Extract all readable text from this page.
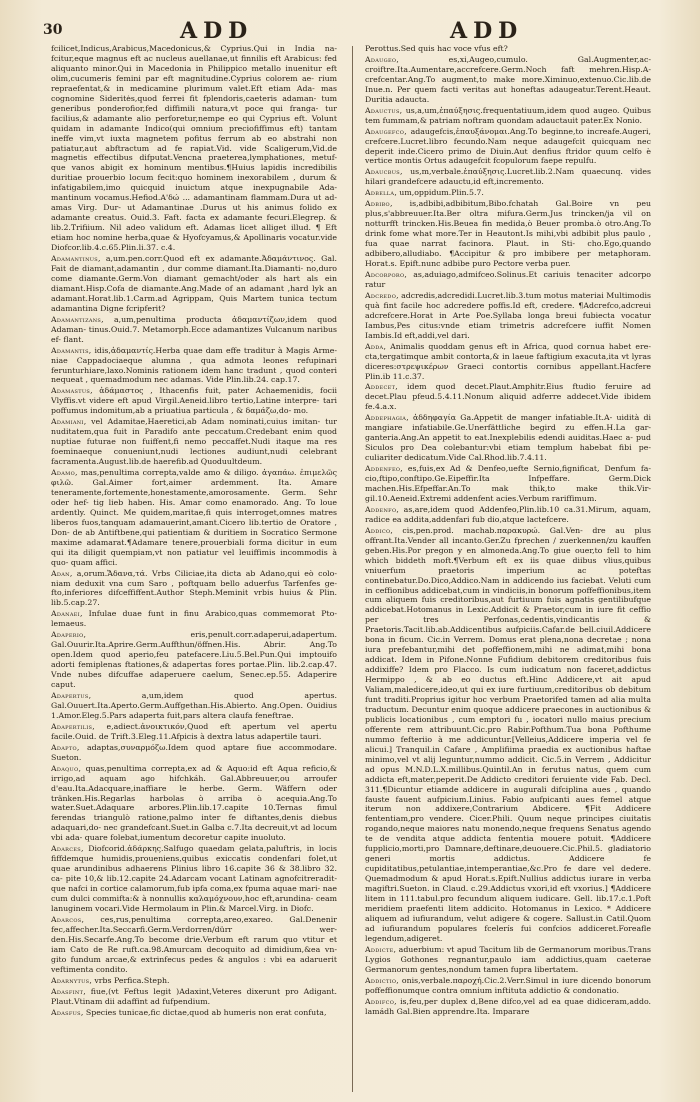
30	ADD	ADD
fcilicet,Indicus,Arabicus,Macedonicus,& Cyprius.Qui in India na- fcitur,eque magnus eft ac nucleus auellanae,ut finnilis eft Arabicus: fed aliquanto minor.Qui in Macedonia in Philippico metallo inuenitur eft olim,cucumeris femini par eft magnitudine.Cyprius colorem ae- rium repraefentat,& in medicamine plurimum valet.Eft etiam Ada- mas cognomine Sideritės,quod ferrei fit fplendoris,caeteris adaman- tum generibus ponderofior,fed diffimili natura,vt poce qui franga- tur facilius,& adamante alio perforetur,nempe eo qui Cyprius eft. Volunt quidam in adamante Indico(qui omnium preciofiffimus eft) tantam ineffe vim,vt iuxta magnetem pofitus ferrum ab eo abstrahi non patiatur,aut abftractum ad fe rapiat.Vid. vide Scaligerum,Vid.de magnetis effectibus difputat.Vencna praeterea,lymphationes, metuf- que vanos abigit ex hominum mentibus.¶Huius lapidis incredibilis duritiae prouerbio locum fecit:quo hominem inexorabilem , durum & infatigabilem,imo quicquid inuictum atque inexpugnabile Ada- mantinum vocamus.Hefiod.A'δώ ... adamantinam flammam.Dura ut ad- amas Virg. Dur- ut Adamantinae .Durus ut his animus folido ex adamante creatus. Ouid.3. Faft. facta ex adamante fecuri.Elegrep. & lib.2.Trifiium. Nil adeo validum eft. Adamas licet alliget illud. ¶ Eft etiam hoc nomine herba,quae & Hyofcyamus,& Apollinaris vocatur.vide Diofcor.lib.4.c.65.Plin.li.37. c.4.
Adamantinus, a,um.pen.corr.Quod eft ex adamante.Ἀδαμάντινος. Gal. Fait de diamant,adamantin , dur comme diamant.Ita.Diamanti- no,duro come diamante.Germ.Von diamant gemacht/oder als hart als ein diamant.Hisp.Cofa de diamante.Ang.Made of an adamant ,hard lyk an adamant.Horat.lib.1.Carm.ad Agrippam, Quis Martem tunica tectum adamantina Digne fcripferit?
Adamantizans, a,um,penultima producta ἀδαμαντίζων,idem quod Adaman- tinus.Ouid.7. Metamorph.Ecce adamantizes Vulcanum naribus ef- flant.
Adamantis, idis,ἀδαμαντίς.Herba quae dam effe traditur à Magis Arme- niae Cappadociaeque alumna , qua admota leones refupinari ferunturhiare,laxo.Nominis rationem idem hanc tradunt , quod conteri nequeat , quemadmodum nec adamas. Vide Plin.lib.24. cap.17.
Adamastus, ἀδάμαστος , Ithacenfis fuit, pater Achaemenidis, focii Vlyffis.vt videre eft apud Virgil.Aeneid.libro tertio,Latine interpre- tari poffumus indomitum,ab a priuatiua particula , & δαμάζω,do- mo.
Adamiani, vel Adamitae,Haeretici,ab Adam nominati,cuius imitan- tur nuditatem,qua fuit in Paradifo ante peccatum.Credebant enim quod nuptiae futurae non fuiffent,fi nemo peccaffet.Nudi itaque ma res foeminaeque conueniunt,nudi lectiones audiunt,nudi celebrant facramenta.August.lib.de haerefib.ad Quoduultdeum.
Adamo, mas,penultima correpta,valde amo & diligo. ἀγαπάω. ἐπιμελῶς φιλῶ. Gal.Aimer fort,aimer ardemment. Ita. Amare teneramente,fortemente,honestamente,amorosamente. Germ. Sehr oder hef- tig lieb haben. His. Amar como enamorado. Ang. To loue ardently. Quinct. Me quidem,maritae,fi quis interroget,omnes matres liberos fuos,tanquam adamauerint,amant.Cicero lib.tertio de Oratore , Don- de ab Antiftbene,qui patientiam & duritiem in Socratico Sermone maxime adamarat.¶Adamare tenere,prouerbiali forma dicitur in eum qui ita diligit quempiam,vt non patiatur vel leuiffimis incommodis à quo- quam affici.
Adan, a,orum.Ἄδανα,τά. Vrbs Ciliciae,ita dicta ab Adano,qui eò colo- niam deduxit vna cum Saro , poftquam bello aduerfus Tarfenfes ge- fto,inferiores difceffiffent.Author Steph.Meminit vrbis huius & Plin. lib.5.cap.27.
Adanaei, Infulae duae funt in finu Arabico,quas commemorat Pto- lemaeus.
Adaperio, eris,penult.corr.adaperui,adapertum. Gal.Ouurir.Ita.Aprire.Germ.Auffthun/öffnen.His. Abrir. Ang.To open.Idem quod aperio,feu patefacere.Liu.5.Bel.Pun.Qui imptouifo adorti femiplenas ftationes,& adapertas fores portae.Plin. lib.2.cap.47. Vnde nubes difcuffae adaperuere caelum, Senec.ep.55. Adaperire caput.
Adapertus, a,um,idem quod apertus. Gal.Ouuert.Ita.Aperto.Germ.Auffgethan.His.Abierto. Ang.Open. Ouidius 1.Amor.Eleg.5.Pars adaperta fuit,pars altera claufa feneftrae.
Adapertilis, e,adiect.ἀνοικτικόν,Quod eft apertum vel apertu facile.Ouid. de Trift.3.Eleg.11.Afpicis à dextra latus adapertile tauri.
Adapto, adaptas,συναρμόζω.Idem quod aptare fiue accommodare. Sueton.
Adaquo, quas,penultima correpta,ex ad & Aquo:id eft Aqua reficio,& irrigo,ad aquam ago hifchkáh. Gal.Abbreuuer,ou arroufer d'eau.Ita.Adacquare,inaffiare le herbe. Germ. Wäffern oder tränken.His.Regarlas harbolas ò arriba ò acequia.Ang.To water.Suet.Adaquare arbores.Plin.lib.17.capite 10.Ternas fimul ferendas triangulò ratione,palmo inter fe diftantes,denis diebus adaquari,do- nec grandefcant.Suet.in Galba c.7.Ita decreuit,vt ad locum vbi ada- quare folebat,iumentum decoretur capite inuoluto.
Adarces, Diofcorid.ἀδάρκης.Salfugo quaedam gelata,paluftris, in locis fiffdemque humidis,proueniens,quibus exiccatis condenfari folet,ut quae arundinibus adhaerens Plinius libro 16.capite 36 & 38.libro 32. ca- pite 10,& lib.12.capite 24.Adarcam vocant Latinam agnofcitreradit- que nafci in cortice calamorum,fub ipfa coma,ex fpuma aquae mari- nae cum dulci commifta:& à nonnullis καλαμόχνουν,hoc eft,arundina- ceam lanuginem vocari.Vide Hermolaum in Plin.& Marcel.Virg. in Diofc.
Adarcos, ces,rus,penultima correpta,areo,exareo. Gal.Denenir fec,affecher.Ita.Seccarfi.Germ.Verdorren/dürr wer- den.His.Secarfe.Ang.To become drie.Verbum eft rarum quo vtitur et iam Cato de Re ruft.ca.98.Amurcam decoquito ad dimidium,&ea vn- gito fundum arcae,& extrinfecus pedes & angulos : vbi ea adaruerit veftimenta condito.
Adarnytus, vrbs Perfica.Steph.
Adasfint, fiue,(vt Feftus legit )Adaxint,Veteres dixerunt pro Adigant. Plaut.Vtinam dii adaffint ad fufpendium.
Adasfus, Species tunicae,fic dictae,quod ab humeris non erat confuta,
Perottus.Sed quis hac voce vfus eft?
Adaugeo, es,xi,Augeo,cumulo. Gal.Augmenter,ac- croiftre.Ita.Aumentare,accrefcere.Germ.Noch faft mehren.Hisp.A- crefcentar.Ang.To augment,to make more.Ximinuo,extenuo.Cic.lib.de Inue.n. Per quem facti veritas aut honeftas adaugeatur.Terent.Heaut. Duritia adaucta.
Adauctus, us,a,um,ἐπαύξησις.frequentatiuum,idem quod augeo. Quibus tem fummam,& patriam noftram quondam adauctauit pater.Ex Nonio.
Adaugefco, adaugefcis,ἐπαυξάνομαι.Ang.To beginne,to increafe.Augeri, crefcere.Lucret.libro fecundo.Nam neque adaugefcit quicquam nec deperit inde.Cicero primo de Diuin.Aut denfius ftridor quum celfo è vertice montis Ortus adaugefcit fcopulorum faepe repulfu.
Adaucbus, us,m,verbale.ἐπαύξησις.Lucret.lib.2.Nam quaecunq. vides hilari grandefcere adauctu,id eft,incremento.
Adbella, um,oppidum.Plin.5.7.
Adbibo, is,adbibi,adbibitum,Bibo.fchatah Gal.Boire vn peu plus,s'abbreuuer.Ita.Ber oltra mifura.Germ.Jus trincken/ja vil on notturfft trincken.His.Beuea fin medida,ò Beuer promba.ò otro.Ang.To drink fome what more.Ter in Heautont.Is mihi,vbi adbibit plus paulo , fua quae narrat facinora. Plaut. in Sti- cho.Ego,quando adbibero,alludiabo. ¶Accipitur & pro imbibere per metaphoram. Horat.s. Epift.nunc adbibe puro Pectore verba puer.
Adcorporo, as,aduiago,admifceo.Solinus.Et cariuis tenaciter adcorpo ratur
Adcredo, adcredis,adcredidi.Lucret.lib.3.tum motus materiai Multimodis quà fint facile hoc adcredere poffis.Id eft, credere. ¶Adcrefco,adcreui adcrefcere.Horat in Arte Poe.Syllaba longa breui fubiecta vocatur Iambus,Pes citus:vnde etiam trimetris adcrefcere iuffit Nomen Iambis.Id eft,addi,vel dari.
Adda, Animalis quoddam genus eft in Africa, quod cornua habet ere- cta,tergatimque ambit contorta,& in laeue faftigium exacuta,ita vt lyras diceres:στρεψικέρων Graeci contortis cornibus appellant.Hacfere Plin.ib 11.c.37.
Addecet, idem quod decet.Plaut.Amphitr.Eius ftudio feruire ad decet.Plau pfeud.5.4.11.Nonum aliquid adferre addecet.Vide ibidem fe.4.a.x.
Addephagia, ἀδδηφαγία Ga.Appetit de manger infatiable.It.A- uidità di mangiare infatiabile.Ge.Unerfättliche begird zu effen.H.La gar- ganteria.Ang.An appetit to eat.Inexplebilis edendi auiditas.Haec a- pud Siculos pro Dea colebantur:vbi etiam templum habebat fibi pe- culiariter dedicatum.Vide Cal.Rhod.lib.7.4.11.
Addenfeo, es,fuis,ex Ad & Denfeo,uefte Sernio,fignificat, Denfum fa- cio,ftipo,conftipo.Ge.Eipeffir.Ita Infpeffare. Germ.Dick machen.His.Efpeffar.An.To mak thik,to make thik.Vir- gil.10.Aeneid.Extremi addenfent acies.Verbum rariffimum.
Addenfo, as,are,idem quod Addenfeo,Plin.lib.10 ca.31.Mirum, aquam, radice ea addita,addenfari fub dio,atque lactefcere.
Addico, cis,pen.prod. machab.παρακυρώ. Gal.Ven- dre au plus offrant.Ita.Vender all incanto.Ger.Zu fprechen / zuerkennen/zu kauffen geben.His.Por pregon y en almoneda.Ang.To giue ouer,to fell to him which biddeth moft.¶Verbum eft ex iis quae diibus vlius,quibus vniuerfum praetoris imperium ac poteftas continebatur.Do.Dico,Addico.Nam in addicendo ius faciebat. Veluti cum in ceffionibus addicebat,cum in vindiciis,in bonorum poffeffionibus,item cum aliquem fuis creditoribus,aut furtiuum fuis agnatis gentilibufque addicebat.Hotomanus in Lexic.Addicit & Praetor,cum in iure fit ceffio per tres Perfonas,cedentis,vindicantis & Praetoris.Tacit.lib.ab.Addicentibus aufpiciis.Cafar.de bell.ciuil.Addicere bona in ficum. Cic.in Verrem. Domus erat plena,nona decretae ; nona iura prefebantur,mihi det poffeffionem,mihi ne adimat,mihi bona addicat. Idem in Pifone.Nonne Fufidium debitorem creditoribus fuis addixiffe? Idem pro Flacco. Is cum iudicatum non faceret,addictus Hermippo , & ab eo ductus eft.Hinc Addicere,vt ait apud Valiam,maledicere,ideo,ut qui ex iure furtiuum,creditoribus ob debitum funt traditi.Proprius igitur hoc verbum Praetorifed tamen ad alia multa traductum. Decuntur enim quoque addicere praecones in auctionibus & publicis locationibus , cum emptori fu , iocatori nullo maius precium offerente rem attribuunt.Cic.pro Rabir.Pofthum.Tua bona Pofthume nummo fefteriio à me addicuntur.[Velleius,Addicere imperia vel fe alicui.] Tranquil.in Cafare , Amplifiima praedia ex auctionibus haftae minimo,vel vt alij leguntur,nummo addicit. Cic.5.in Verrem , Addicitur ad opus M.N.D.L.X.millibus.Quintil.An in ferutus natus, quem cum addicta eft,mater,peperit.De Addicto creditori feruiente vide Fab. Decl. 311.¶Dicuntur etiamde addicere in augurali difciplina aues , quando fauste fauent aufpicium.Linius. Fabio aufpicanti aues femel atque iterum non addixere,Contrarium Abdicere. ¶Fit Addicere fententiam,pro vendere. Cicer.Phili. Quum neque principes ciuitatis rogando,neque maiores natu monendo,neque frequens Senatus agendo te de vendita atque addicta fententia mouere potuit. ¶Addicere fupplicio,morti,pro Damnare,deftinare,deuouere.Cic.Phil.5. gladiatorio generi mortis addictus. Addicere fe cupiditatibus,petulantiae,intemperantiae,&c.Pro fe dare vel dedere. Quemadmodum & apud Horat.s.Epift.Nullius addictus iurare in verba magiftri.Sueton. in Claud. c.29.Addictus vxori,id eft vxorius.] ¶Addicere litem in 111.tabul.pro fecundum aliquem iudicare. Gell. lib.17.c.1.Poft meridiem praefenti litem addicito. Hotomanus in Lexico. * Addicere aliquem ad iufiurandum, velut adigere & cogere. Sallust.in Catil.Quom ad iufiurandum populares fcelerís fui confcios addiceret.Foreafle legendum,adigeret.
Addicte, aduerbium: vt apud Tacitum lib de Germanorum moribus.Trans Lygios Gothones regnantur,paulo iam addictius,quam caeterae Germanorum gentes,nondum tamen fupra libertatem.
Addictio, onis,verbale.παροχή.Cic.2.Verr.Simul in iure dicendo bonorum poffeffionumque contra omnium inftituta addictio & condonatio.
Addifco, is,feu,per duplex d,Bene difco,vel ad ea quae didiceram,addo. lamádh Gal.Bien apprendre.Ita. Imparare
